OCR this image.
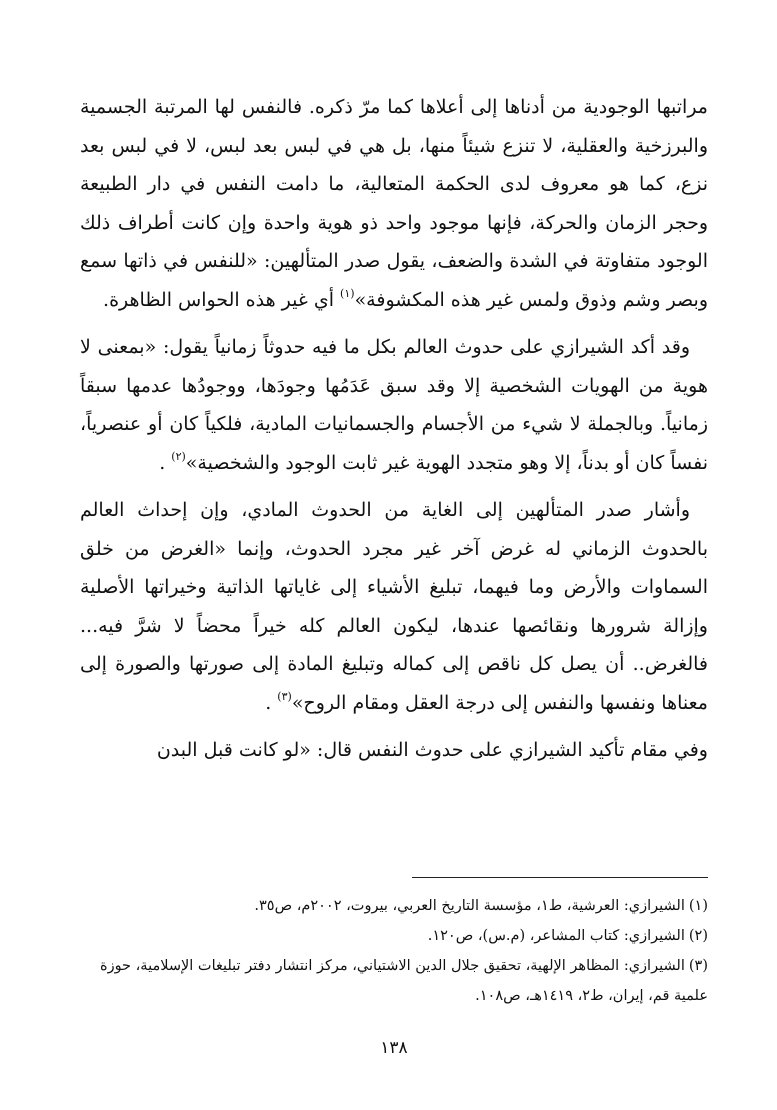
مراتبها الوجودية من أدناها إلى أعلاها كما مرّ ذكره. فالنفس لها المرتبة الجسمية والبرزخية والعقلية، لا تنزع شيئاً منها، بل هي في لبس بعد لبس، لا في لبس بعد نزع، كما هو معروف لدى الحكمة المتعالية، ما دامت النفس في دار الطبيعة وحجر الزمان والحركة، فإنها موجود واحد ذو هوية واحدة وإن كانت أطراف ذلك الوجود متفاوتة في الشدة والضعف، يقول صدر المتألهين: «للنفس في ذاتها سمع وبصر وشم وذوق ولمس غير هذه المكشوفة»$^{(١)}$ أي غير هذه الحواس الظاهرة.

وقد أكد الشيرازي على حدوث العالم بكل ما فيه حدوثاً زمانياً يقول: «بمعنى لا هوية من الهويات الشخصية إلا وقد سبق عَدَمُها وجودَها، ووجودُها عدمها سبقاً زمانياً. وبالجملة لا شيء من الأجسام والجسمانيات المادية، فلكياً كان أو عنصرياً، نفساً كان أو بدناً، إلا وهو متجدد الهوية غير ثابت الوجود والشخصية»$^{(٢)}$ .

وأشار صدر المتألهين إلى الغاية من الحدوث المادي، وإن إحداث العالم بالحدوث الزماني له غرض آخر غير مجرد الحدوث، وإنما «الغرض من خلق السماوات والأرض وما فيهما، تبليغ الأشياء إلى غاياتها الذاتية وخيراتها الأصلية وإزالة شرورها ونقائصها عندها، ليكون العالم كله خيراً محضاً لا شرَّ فيه... فالغرض.. أن يصل كل ناقص إلى كماله وتبليغ المادة إلى صورتها والصورة إلى معناها ونفسها والنفس إلى درجة العقل ومقام الروح»$^{(٣)}$ .

وفي مقام تأكيد الشيرازي على حدوث النفس قال: «لو كانت قبل البدن

(١)الشيرازي: العرشية، ط١، مؤسسة التاريخ العربي، بيروت، ٢٠٠٢م، ص٣٥.

(٢)الشيرازي: كتاب المشاعر، (م.س)، ص١٢٠.

(٣)الشيرازي: المظاهر الإلهية، تحقيق جلال الدين الاشتياني، مركز انتشار دفتر تبليغات الإسلامية، حوزة علمية قم، إيران، ط٢، ١٤١٩هـ، ص١٠٨.

١٣٨
